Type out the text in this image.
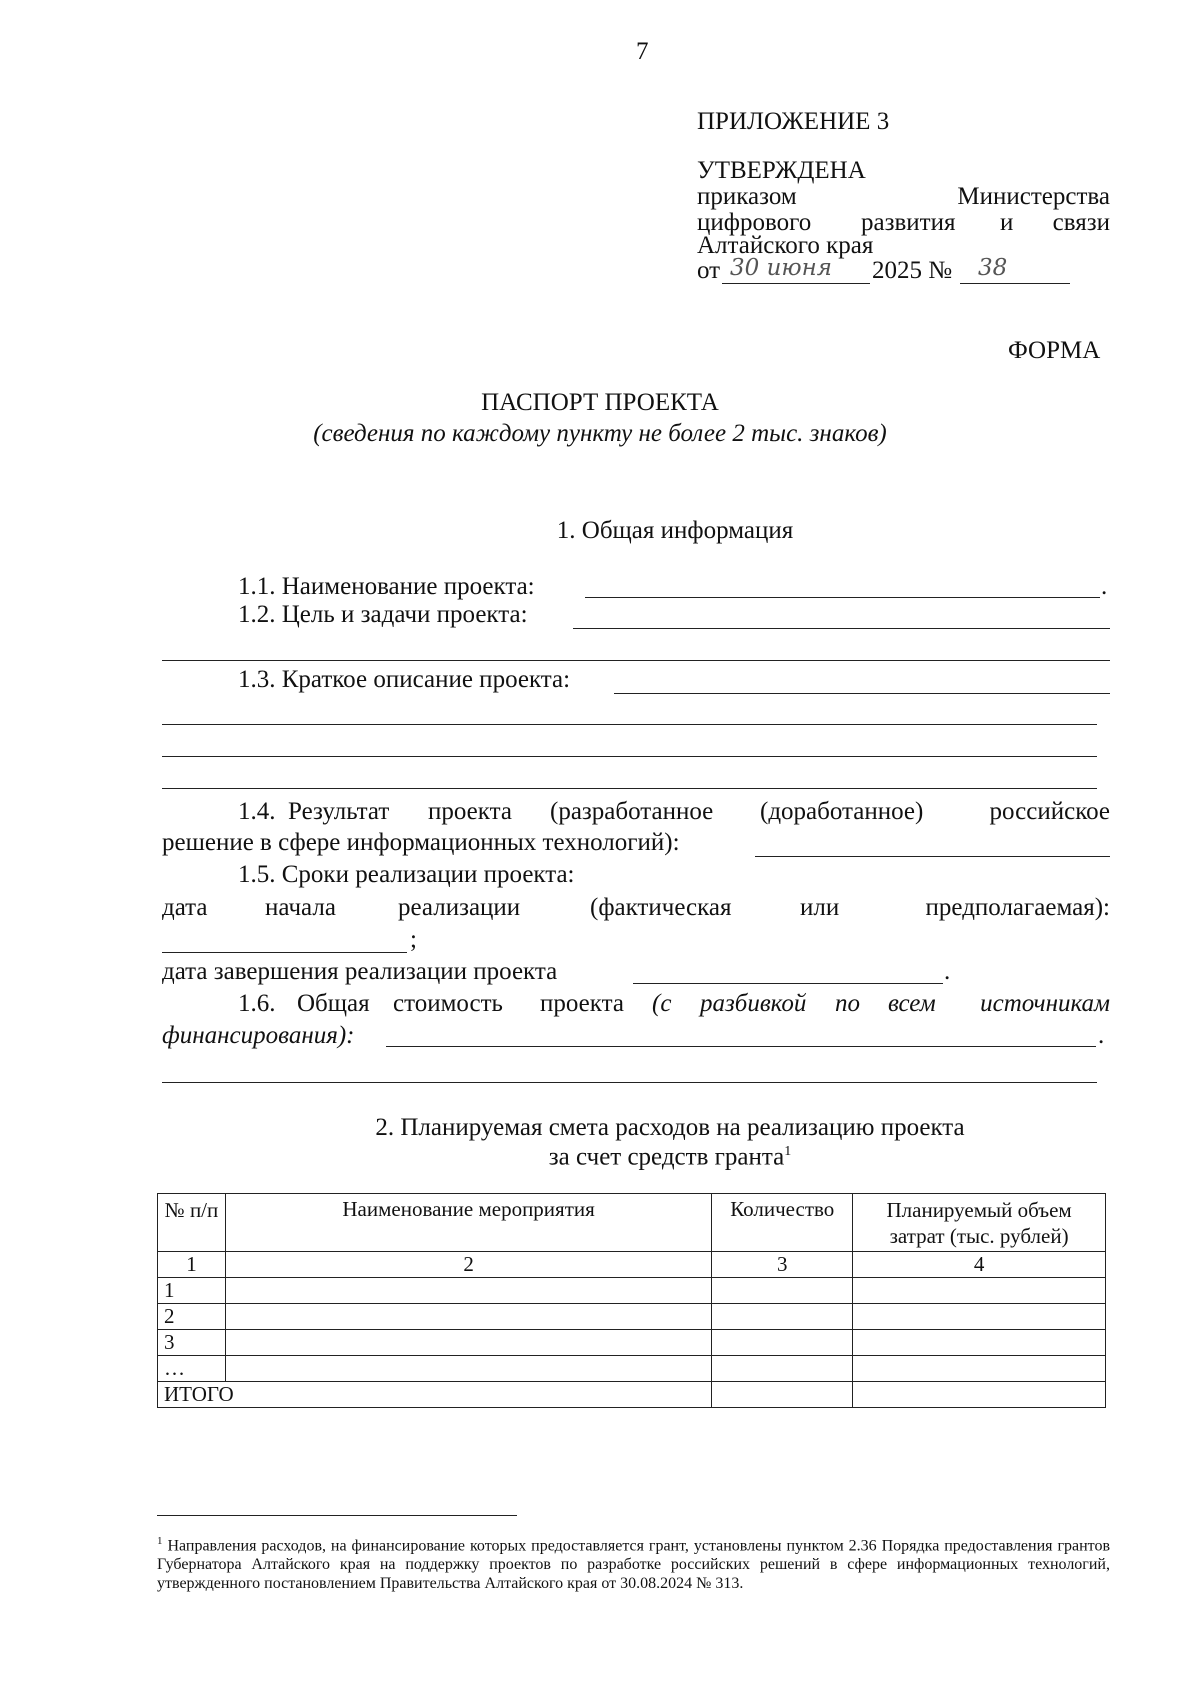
7
ПРИЛОЖЕНИЕ 3
УТВЕРЖДЕНА
приказом	Министерства
цифрового развития и	связи
Алтайского края
от 30 июня 2025 № 38
ФОРМА
ПАСПОРТ ПРОЕКТА
(сведения по каждому пункту не более 2 тыс. знаков)
1. Общая информация
1.1. Наименование проекта:	.
1.2. Цель и задачи проекта:
1.3. Краткое описание проекта:
1.4. Результат проекта (разработанное (доработанное)	российское
решение в сфере информационных технологий):
1.5. Сроки реализации проекта:
дата начала реализации	(фактическая	или	предполагаемая):
;
дата завершения реализации проекта	.
1.6. Общая стоимость проекта (с разбивкой по всем	источникам
финансирования):	.
2. Планируемая смета расходов на реализацию проекта
за счет средств гранта$^1$
№ п/п	Наименование мероприятия	Количество	Планируемый объем затрат (тыс. рублей)
1	2	3	4
1			
2			
3			
…			
ИТОГО			
$^1$ Направления расходов, на финансирование которых предоставляется грант, установлены пунктом 2.36 Порядка предоставления грантов Губернатора Алтайского края на поддержку проектов по разработке российских решений в сфере информационных технологий, утвержденного постановлением Правительства Алтайского края от 30.08.2024 № 313.
